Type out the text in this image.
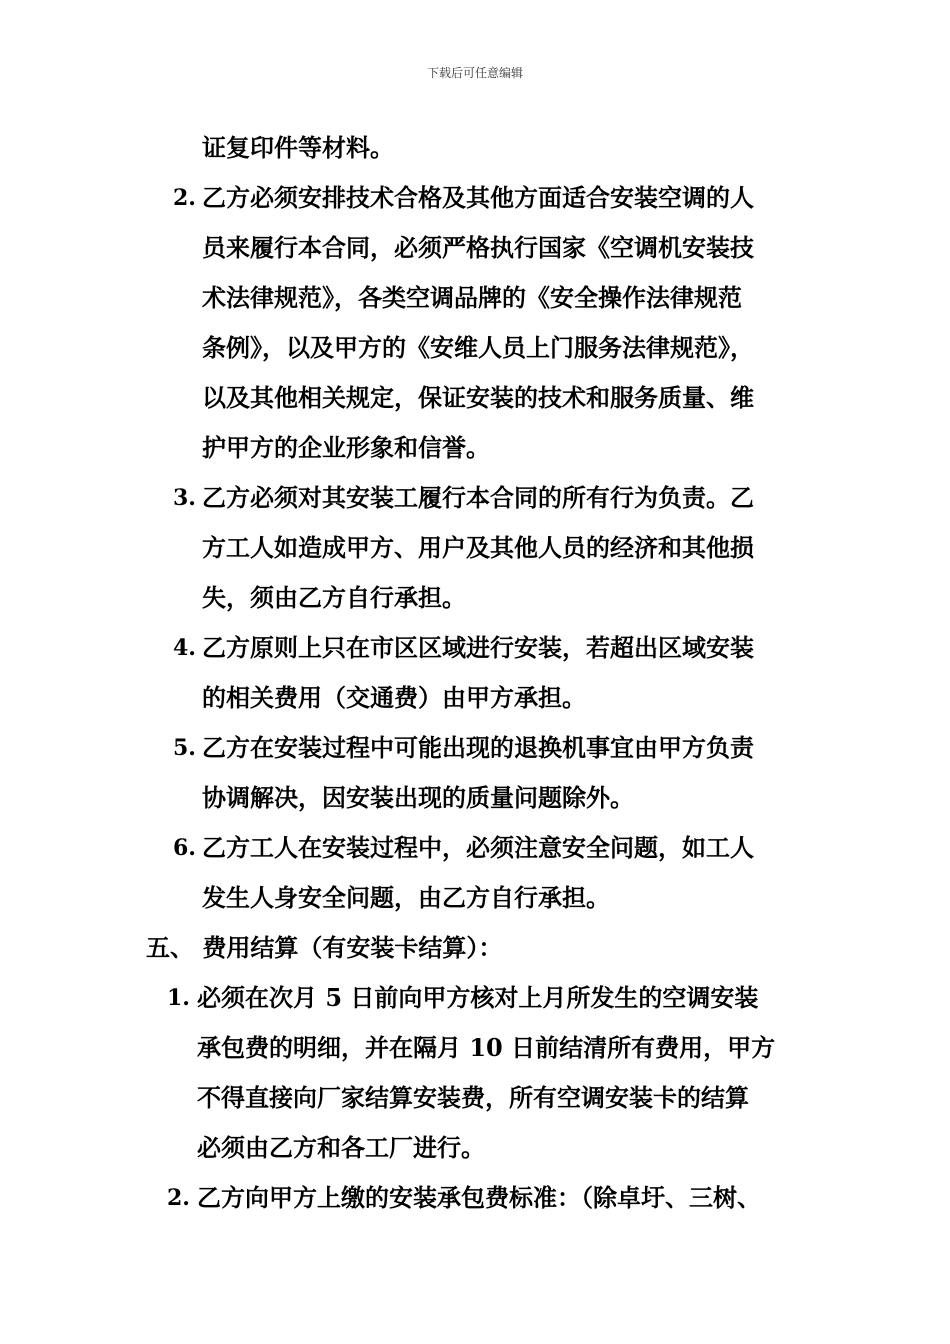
下载后可任意编辑
证复印件等材料。
2. 乙方必须安排技术合格及其他方面适合安装空调的人
员来履行本合同，必须严格执行国家《空调机安装技
术法律规范》，各类空调品牌的《安全操作法律规范
条例》，以及甲方的《安维人员上门服务法律规范》，
以及其他相关规定，保证安装的技术和服务质量、维
护甲方的企业形象和信誉。
3. 乙方必须对其安装工履行本合同的所有行为负责。乙
方工人如造成甲方、用户及其他人员的经济和其他损
失，须由乙方自行承担。
4. 乙方原则上只在市区区域进行安装，若超出区域安装
的相关费用（交通费）由甲方承担。
5. 乙方在安装过程中可能出现的退换机事宜由甲方负责
协调解决，因安装出现的质量问题除外。
6. 乙方工人在安装过程中，必须注意安全问题，如工人
发生人身安全问题，由乙方自行承担。
五、 费用结算（有安装卡结算）：
1. 必须在次月 5 日前向甲方核对上月所发生的空调安装
承包费的明细，并在隔月 10 日前结清所有费用，甲方
不得直接向厂家结算安装费，所有空调安装卡的结算
必须由乙方和各工厂进行。
2. 乙方向甲方上缴的安装承包费标准：（除卓圩、三树、
